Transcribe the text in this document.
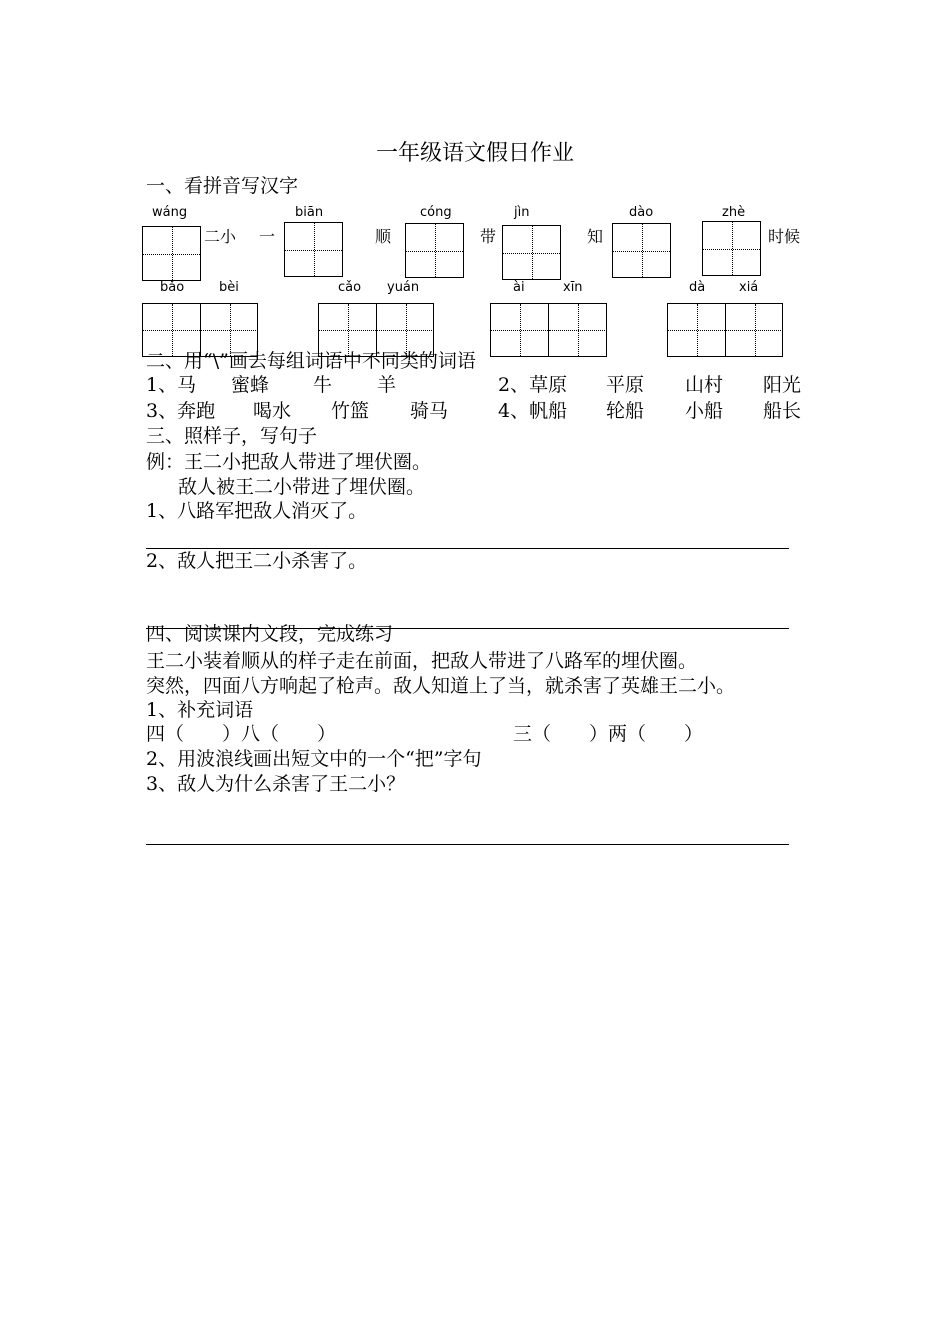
一年级语文假日作业
一、看拼音写汉字
wáng	biān	cóng	jìn	dào	zhè
二小 一	顺	带	知	时候
bǎo	bèi	cǎo yuán	ài	xīn	dà	xiá
二、用“\”画去每组词语中不同类的词语
1、马 蜜蜂 牛 羊	2、草原 平原 山村 阳光
3、奔跑 喝水 竹篮 骑马	4、帆船 轮船 小船 船长
三、照样子，写句子
例：王二小把敌人带进了埋伏圈。
敌人被王二小带进了埋伏圈。
1、八路军把敌人消灭了。
2、敌人把王二小杀害了。
四、阅读课内文段，完成练习
王二小装着顺从的样子走在前面，把敌人带进了八路军的埋伏圈。
突然，四面八方响起了枪声。敌人知道上了当，就杀害了英雄王二小。
1、补充词语
四（　　）八（　　）	三（　　）两（　　）
2、用波浪线画出短文中的一个“把”字句
3、敌人为什么杀害了王二小？
